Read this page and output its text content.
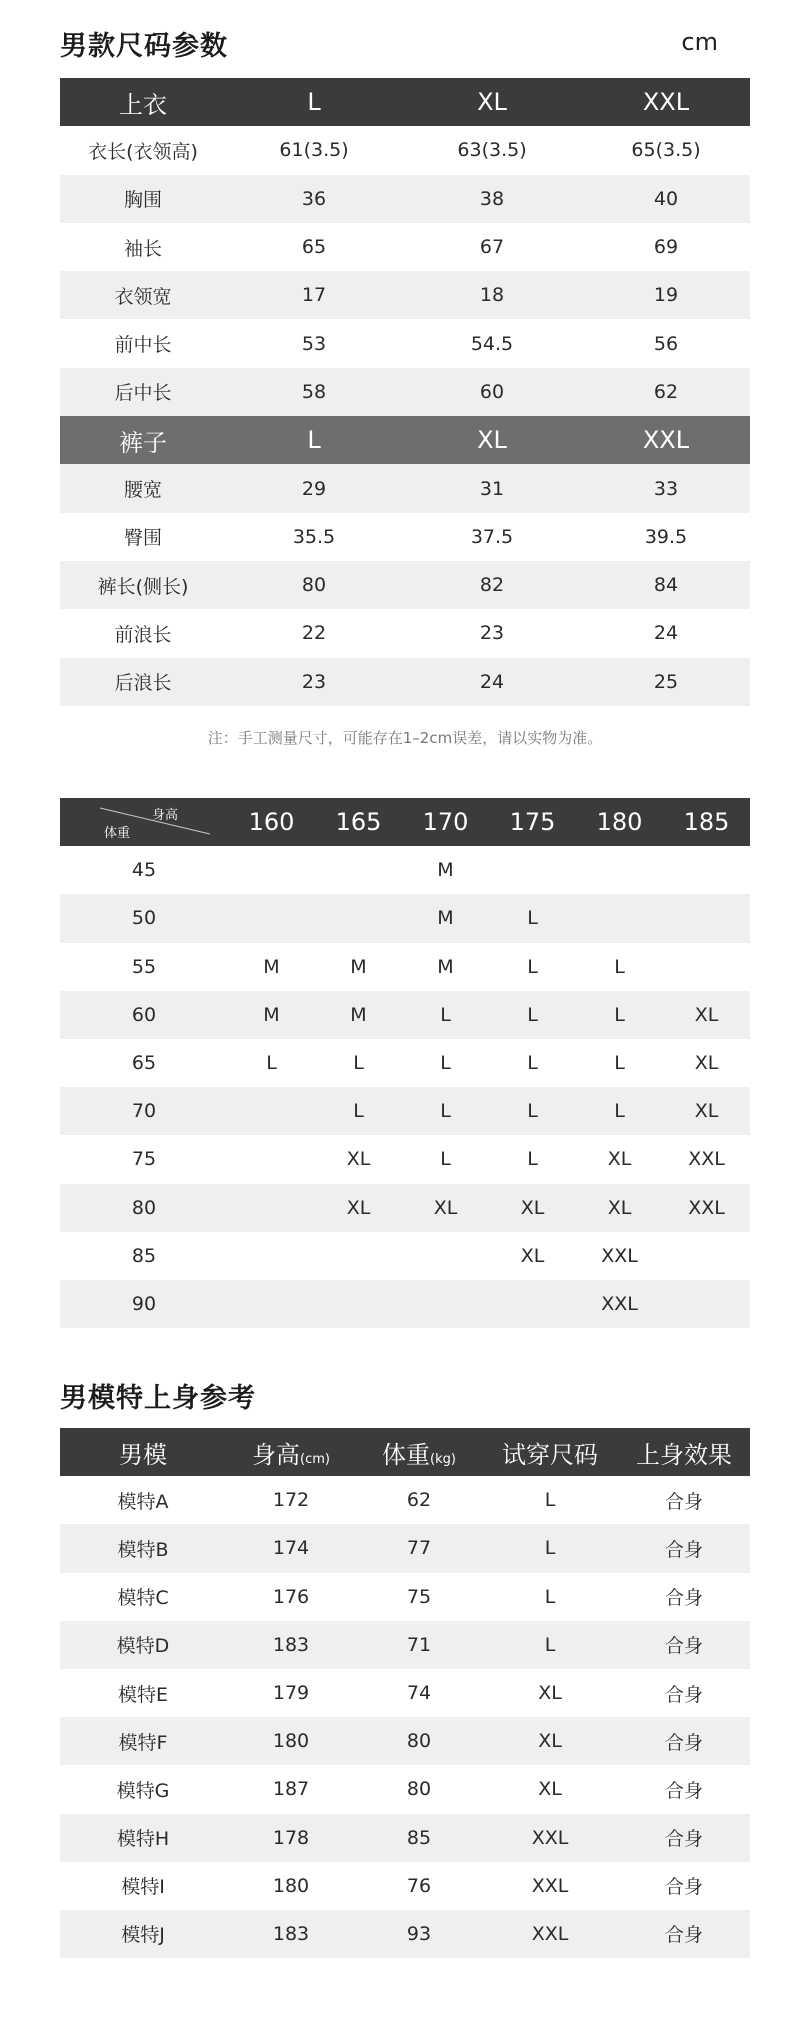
男款尺码参数	cm
上衣	L	XL	XXL
衣长(衣领高)	61(3.5)	63(3.5)	65(3.5)
胸围	36	38	40
袖长	65	67	69
衣领宽	17	18	19
前中长	53	54.5	56
后中长	58	60	62
裤子	L	XL	XXL
腰宽	29	31	33
臀围	35.5	37.5	39.5
裤长(侧长)	80	82	84
前浪长	22	23	24
后浪长	23	24	25
注：手工测量尺寸，可能存在1–2cm误差，请以实物为准。
身高
体重	160	165	170	175	180	185
45			M			
50			M	L		
55	M	M	M	L	L	
60	M	M	L	L	L	XL
65	L	L	L	L	L	XL
70		L	L	L	L	XL
75		XL	L	L	XL	XXL
80		XL	XL	XL	XL	XXL
85				XL	XXL	
90					XXL	
男模特上身参考
男模	身高(cm)	体重(kg)	试穿尺码	上身效果
模特A	172	62	L	合身
模特B	174	77	L	合身
模特C	176	75	L	合身
模特D	183	71	L	合身
模特E	179	74	XL	合身
模特F	180	80	XL	合身
模特G	187	80	XL	合身
模特H	178	85	XXL	合身
模特I	180	76	XXL	合身
模特J	183	93	XXL	合身
